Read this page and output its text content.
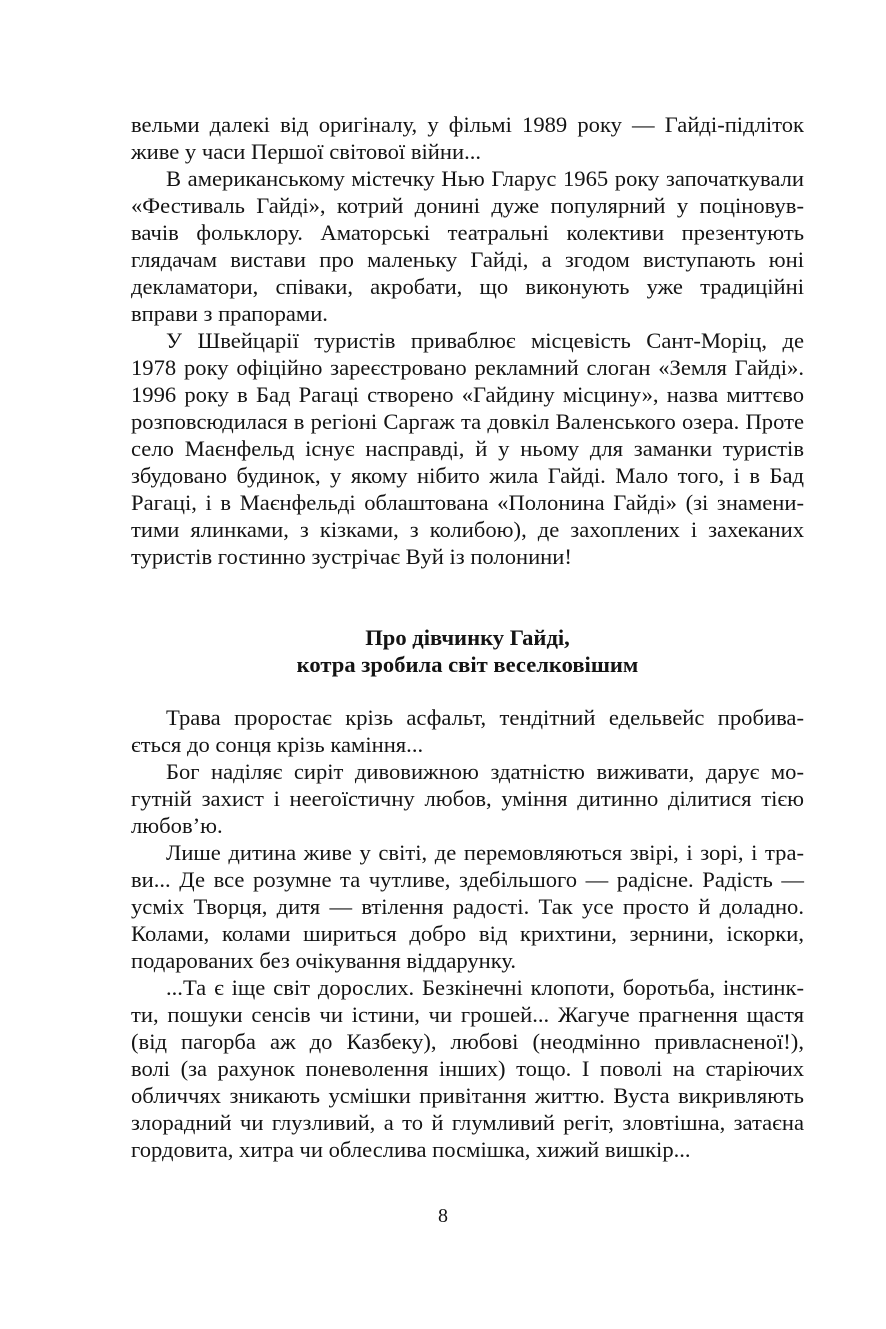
вельми далекі від оригіналу, у фільмі 1989 року — Гайді-підліток
живе у часи Першої світової війни...
В американському містечку Нью Гларус 1965 року започаткували
«Фестиваль Гайді», котрий донині дуже популярний у поціновув-
вачів фольклору. Аматорські театральні колективи презентують
глядачам вистави про маленьку Гайді, а згодом виступають юні
декламатори, співаки, акробати, що виконують уже традиційні
вправи з прапорами.
У Швейцарії туристів приваблює місцевість Сант-Моріц, де
1978 року офіційно зареєстровано рекламний слоган «Земля Гайді».
1996 року в Бад Рагаці створено «Гайдину місцину», назва миттєво
розповсюдилася в регіоні Саргаж та довкіл Валенського озера. Проте
село Маєнфельд існує насправді, й у ньому для заманки туристів
збудовано будинок, у якому нібито жила Гайді. Мало того, і в Бад
Рагаці, і в Маєнфельді облаштована «Полонина Гайді» (зі знамени-
тими ялинками, з кізками, з колибою), де захоплених і захеканих
туристів гостинно зустрічає Вуй із полонини!
Про дівчинку Гайді,
котра зробила світ веселковішим
Трава проростає крізь асфальт, тендітний едельвейс пробива-
ється до сонця крізь каміння...
Бог наділяє сиріт дивовижною здатністю виживати, дарує мо-
гутній захист і неегоїстичну любов, уміння дитинно ділитися тією
любов’ю.
Лише дитина живе у світі, де перемовляються звірі, і зорі, і тра-
ви... Де все розумне та чутливе, здебільшого — радісне. Радість —
усміх Творця, дитя — втілення радості. Так усе просто й доладно.
Колами, колами шириться добро від крихтини, зернини, іскорки,
подарованих без очікування віддарунку.
...Та є іще світ дорослих. Безкінечні клопоти, боротьба, інстинк-
ти, пошуки сенсів чи істини, чи грошей... Жагуче прагнення щастя
(від пагорба аж до Казбеку), любові (неодмінно привласненої!),
волі (за рахунок поневолення інших) тощо. І поволі на старіючих
обличчях зникають усмішки привітання життю. Вуста викривляють
злорадний чи глузливий, а то й глумливий регіт, зловтішна, затаєна
гордовита, хитра чи облеслива посмішка, хижий вишкір...
8
